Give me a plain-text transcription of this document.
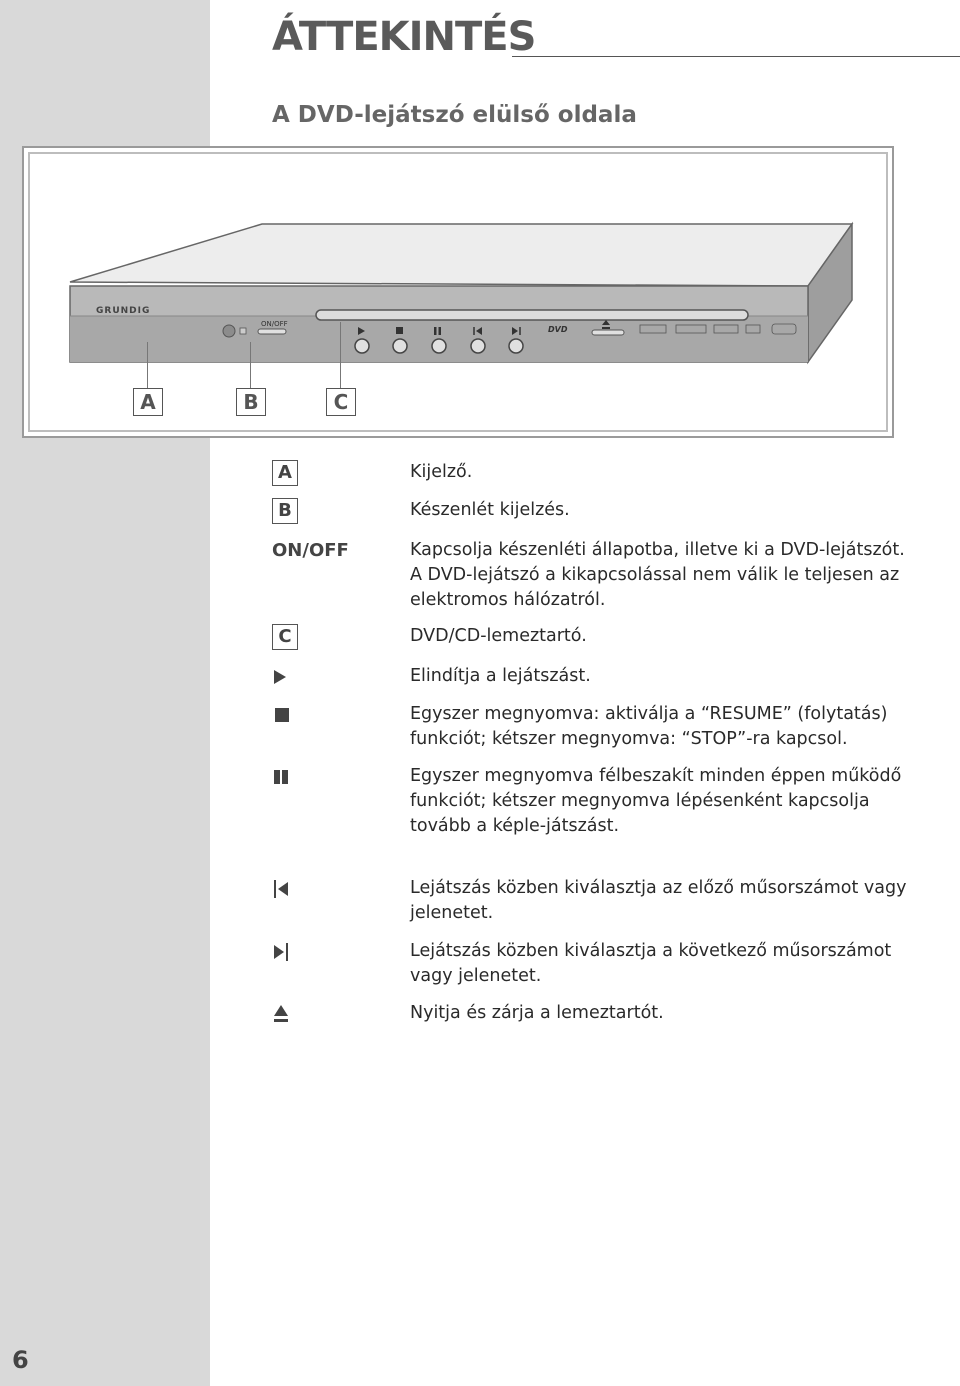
ÁTTEKINTÉS
A DVD-lejátszó elülső oldala
GRUNDIG
ON/OFF
DVD
A	B	C
A	Kijelző.
B	Készenlét kijelzés.
ON/OFF	Kapcsolja készenléti állapotba, illetve ki a DVD-lejátszót. A DVD-lejátszó a kikapcsolással nem válik le teljesen az elektromos hálózatról.
C	DVD/CD-lemeztartó.
Elindítja a lejátszást.
Egyszer megnyomva: aktiválja a “RESUME” (folytatás) funkciót; kétszer megnyomva: “STOP”-ra kapcsol.
Egyszer megnyomva félbeszakít minden éppen működő funkciót; kétszer megnyomva lépésenként kapcsolja tovább a képle-játszást.
Lejátszás közben kiválasztja az előző műsorszámot vagy jelenetet.
Lejátszás közben kiválasztja a következő műsorszámot vagy jelenetet.
Nyitja és zárja a lemeztartót.
6
